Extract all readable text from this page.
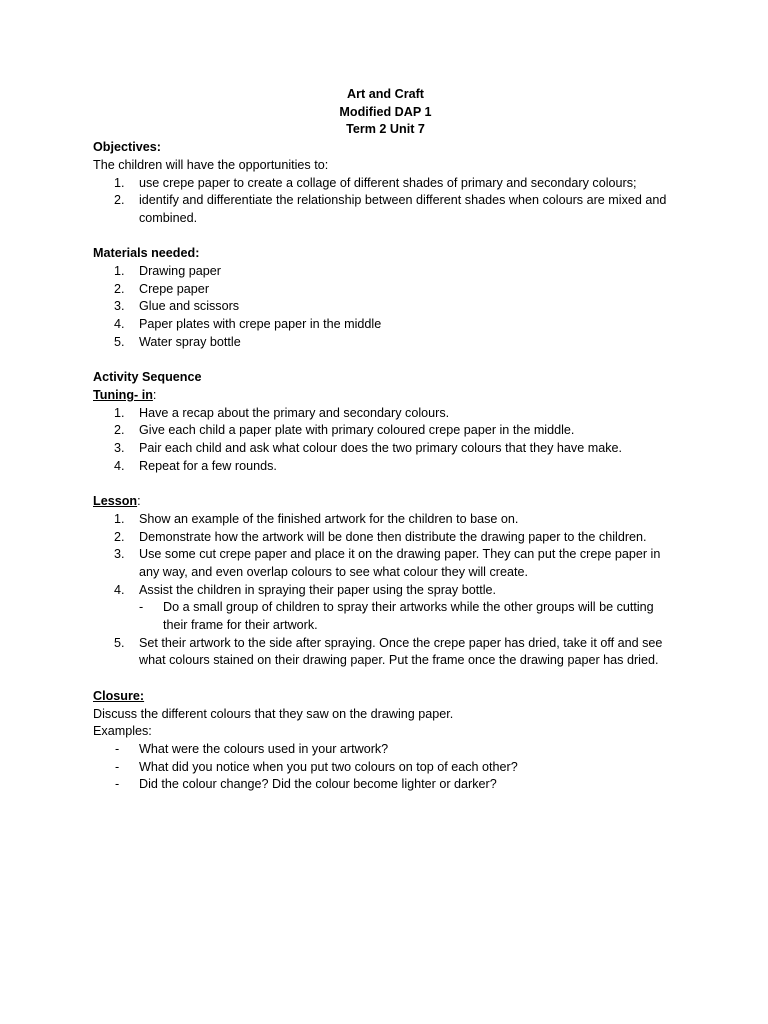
Art and Craft
Modified DAP 1
Term 2 Unit 7
Objectives:
The children will have the opportunities to:
1. use crepe paper to create a collage of different shades of primary and secondary colours;
2. identify and differentiate the relationship between different shades when colours are mixed and combined.
Materials needed:
1. Drawing paper
2. Crepe paper
3. Glue and scissors
4. Paper plates with crepe paper in the middle
5. Water spray bottle
Activity Sequence
Tuning- in:
1. Have a recap about the primary and secondary colours.
2. Give each child a paper plate with primary coloured crepe paper in the middle.
3. Pair each child and ask what colour does the two primary colours that they have make.
4. Repeat for a few rounds.
Lesson:
1. Show an example of the finished artwork for the children to base on.
2. Demonstrate how the artwork will be done then distribute the drawing paper to the children.
3. Use some cut crepe paper and place it on the drawing paper. They can put the crepe paper in any way, and even overlap colours to see what colour they will create.
4. Assist the children in spraying their paper using the spray bottle.
- Do a small group of children to spray their artworks while the other groups will be cutting their frame for their artwork.
5. Set their artwork to the side after spraying. Once the crepe paper has dried, take it off and see what colours stained on their drawing paper. Put the frame once the drawing paper has dried.
Closure:
Discuss the different colours that they saw on the drawing paper.
Examples:
- What were the colours used in your artwork?
- What did you notice when you put two colours on top of each other?
- Did the colour change? Did the colour become lighter or darker?
